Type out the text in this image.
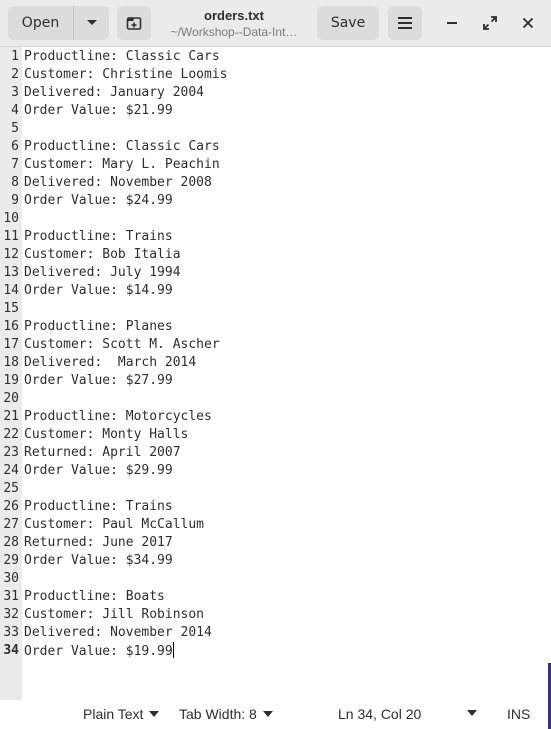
Open	orders.txt
~/Workshop--Data-Int…
Save
1
2
3
4
5
6
7
8
9
10
11
12
13
14
15
16
17
18
19
20
21
22
23
24
25
26
27
28
29
30
31
32
33
34
Productline: Classic Cars
Customer: Christine Loomis
Delivered: January 2004
Order Value: $21.99
Productline: Classic Cars
Customer: Mary L. Peachin
Delivered: November 2008
Order Value: $24.99
Productline: Trains
Customer: Bob Italia
Delivered: July 1994
Order Value: $14.99
Productline: Planes
Customer: Scott M. Ascher
Delivered:  March 2014
Order Value: $27.99
Productline: Motorcycles
Customer: Monty Halls
Returned: April 2007
Order Value: $29.99
Productline: Trains
Customer: Paul McCallum
Returned: June 2017
Order Value: $34.99
Productline: Boats
Customer: Jill Robinson
Delivered: November 2014
Order Value: $19.99
Plain Text	Tab Width: 8	Ln 34, Col 20	INS
